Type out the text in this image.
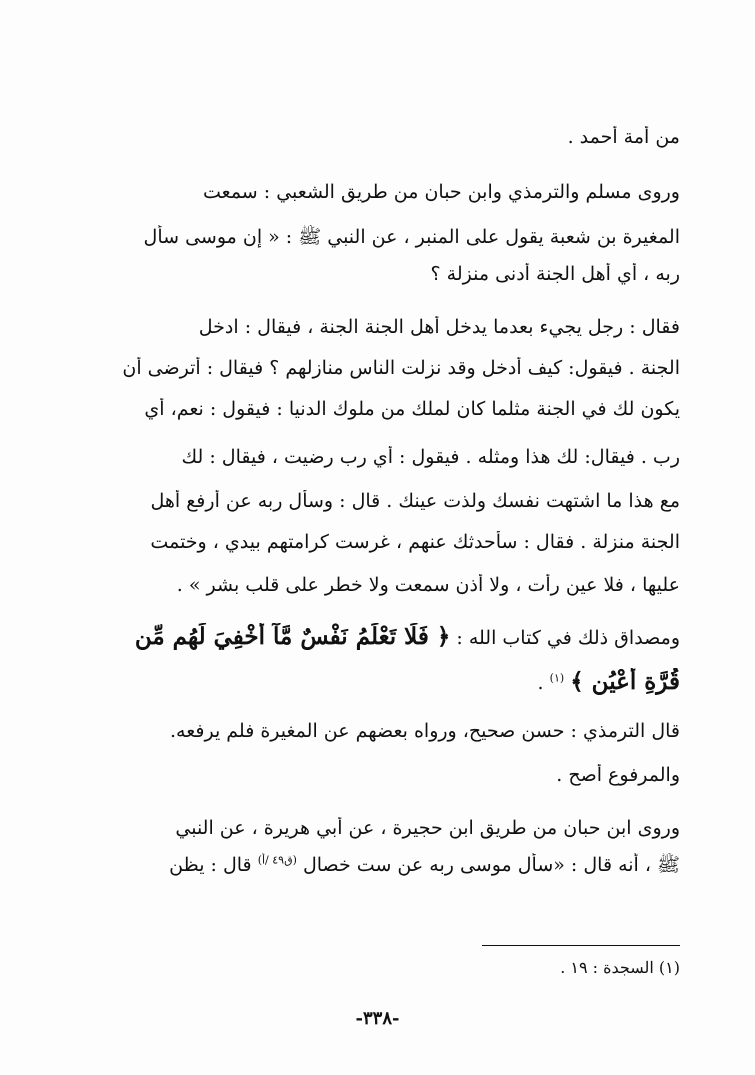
من أمة أحمد .
وروى مسلم والترمذي وابن حبان من طريق الشعبي : سمعت
المغيرة بن شعبة يقول على المنبر ، عن النبي ﷺ : « إن موسى سأل
ربه ، أي أهل الجنة أدنى منزلة ؟
فقال : رجل يجيء بعدما يدخل أهل الجنة الجنة ، فيقال : ادخل
الجنة . فيقول: كيف أدخل وقد نزلت الناس منازلهم ؟ فيقال : أترضى أن
يكون لك في الجنة مثلما كان لملك من ملوك الدنيا : فيقول : نعم، أي
رب . فيقال: لك هذا ومثله . فيقول : أي رب رضيت ، فيقال : لك
مع هذا ما اشتهت نفسك ولذت عينك . قال : وسأل ربه عن أرفع أهل
الجنة منزلة . فقال : سأحدثك عنهم ، غرست كرامتهم بيدي ، وختمت
عليها ، فلا عين رأت ، ولا أذن سمعت ولا خطر على قلب بشر » .
ومصداق ذلك في كتاب الله : ﴿ فَلَا تَعْلَمُ نَفْسٌ مَّآ أُخْفِيَ لَهُم مِّن
قُرَّةِ أَعْيُنٍ ﴾ $^{(١)}$ .
قال الترمذي : حسن صحيح، ورواه بعضهم عن المغيرة فلم يرفعه.
والمرفوع أصح .
وروى ابن حبان من طريق ابن حجيرة ، عن أبي هريرة ، عن النبي
ﷺ ، أنه قال : «سأل موسى ربه عن ست خصال $^{(ق٤٩ /أ)}$ قال : يظن
(١) السجدة : ١٩ .
-٣٣٨-
